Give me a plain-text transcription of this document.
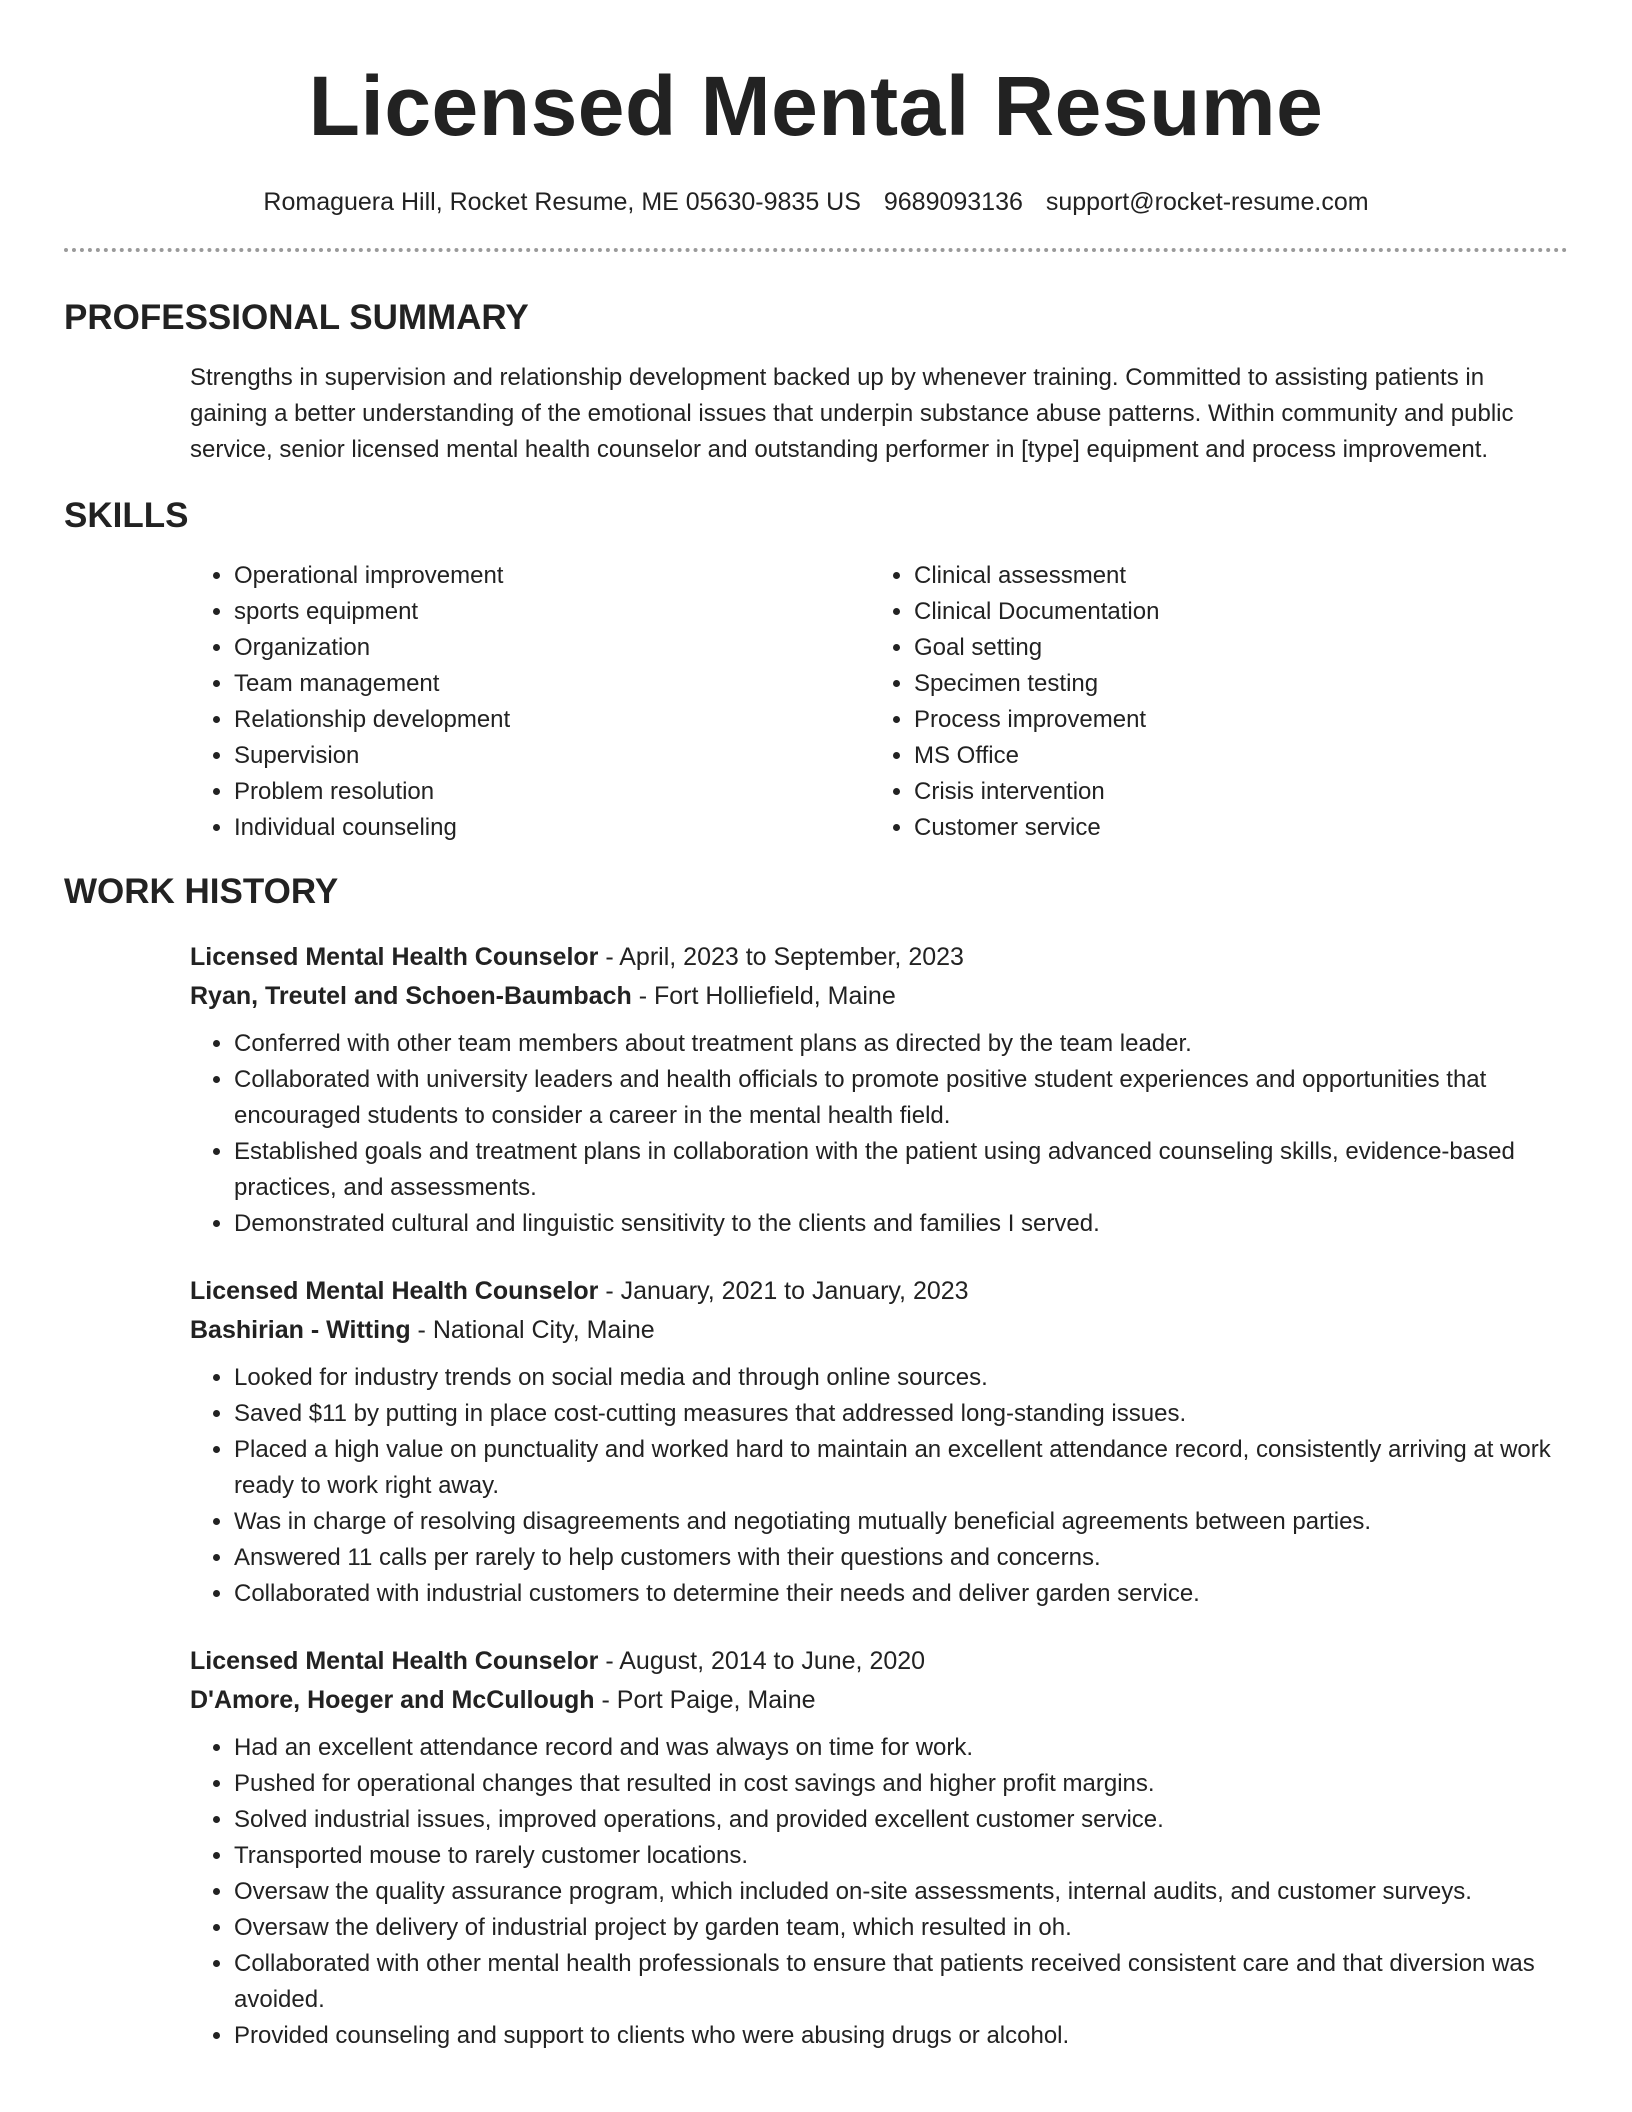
Licensed Mental Resume
Romaguera Hill, Rocket Resume, ME 05630-9835 US 9689093136 support@rocket-resume.com
PROFESSIONAL SUMMARY
Strengths in supervision and relationship development backed up by whenever training. Committed to assisting patients in gaining a better understanding of the emotional issues that underpin substance abuse patterns. Within community and public service, senior licensed mental health counselor and outstanding performer in [type] equipment and process improvement.
SKILLS
• Operational improvement
• sports equipment
• Organization
• Team management
• Relationship development
• Supervision
• Problem resolution
• Individual counseling
• Clinical assessment
• Clinical Documentation
• Goal setting
• Specimen testing
• Process improvement
• MS Office
• Crisis intervention
• Customer service
WORK HISTORY
Licensed Mental Health Counselor - April, 2023 to September, 2023
Ryan, Treutel and Schoen-Baumbach - Fort Holliefield, Maine
• Conferred with other team members about treatment plans as directed by the team leader.
• Collaborated with university leaders and health officials to promote positive student experiences and opportunities that encouraged students to consider a career in the mental health field.
• Established goals and treatment plans in collaboration with the patient using advanced counseling skills, evidence-based practices, and assessments.
• Demonstrated cultural and linguistic sensitivity to the clients and families I served.
Licensed Mental Health Counselor - January, 2021 to January, 2023
Bashirian - Witting - National City, Maine
• Looked for industry trends on social media and through online sources.
• Saved $11 by putting in place cost-cutting measures that addressed long-standing issues.
• Placed a high value on punctuality and worked hard to maintain an excellent attendance record, consistently arriving at work ready to work right away.
• Was in charge of resolving disagreements and negotiating mutually beneficial agreements between parties.
• Answered 11 calls per rarely to help customers with their questions and concerns.
• Collaborated with industrial customers to determine their needs and deliver garden service.
Licensed Mental Health Counselor - August, 2014 to June, 2020
D'Amore, Hoeger and McCullough - Port Paige, Maine
• Had an excellent attendance record and was always on time for work.
• Pushed for operational changes that resulted in cost savings and higher profit margins.
• Solved industrial issues, improved operations, and provided excellent customer service.
• Transported mouse to rarely customer locations.
• Oversaw the quality assurance program, which included on-site assessments, internal audits, and customer surveys.
• Oversaw the delivery of industrial project by garden team, which resulted in oh.
• Collaborated with other mental health professionals to ensure that patients received consistent care and that diversion was avoided.
• Provided counseling and support to clients who were abusing drugs or alcohol.
